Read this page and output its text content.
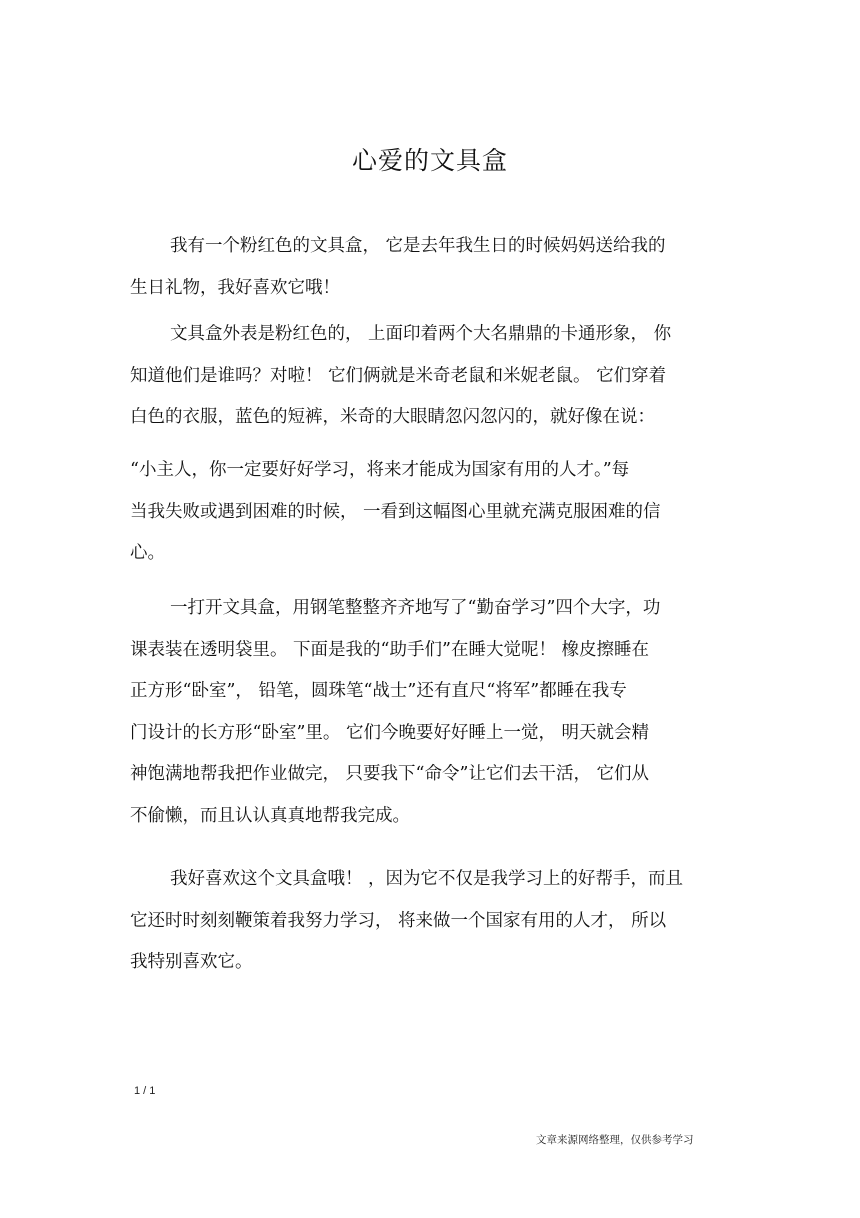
心爱的文具盒
我有一个粉红色的文具盒， 它是去年我生日的时候妈妈送给我的
生日礼物，我好喜欢它哦！
文具盒外表是粉红色的， 上面印着两个大名鼎鼎的卡通形象， 你
知道他们是谁吗？对啦！ 它们俩就是米奇老鼠和米妮老鼠。 它们穿着
白色的衣服，蓝色的短裤，米奇的大眼睛忽闪忽闪的，就好像在说：
“小主人，你一定要好好学习，将来才能成为国家有用的人才。”每
当我失败或遇到困难的时候， 一看到这幅图心里就充满克服困难的信
心。
一打开文具盒，用钢笔整整齐齐地写了“勤奋学习”四个大字，功
课表装在透明袋里。 下面是我的“助手们”在睡大觉呢！ 橡皮擦睡在
正方形“卧室”， 铅笔，圆珠笔“战士”还有直尺“将军”都睡在我专
门设计的长方形“卧室”里。 它们今晚要好好睡上一觉， 明天就会精
神饱满地帮我把作业做完， 只要我下“命令”让它们去干活， 它们从
不偷懒，而且认认真真地帮我完成。
我好喜欢这个文具盒哦！ ，因为它不仅是我学习上的好帮手，而且
它还时时刻刻鞭策着我努力学习， 将来做一个国家有用的人才， 所以
我特别喜欢它。
1 / 1
文章来源网络整理，仅供参考学习
